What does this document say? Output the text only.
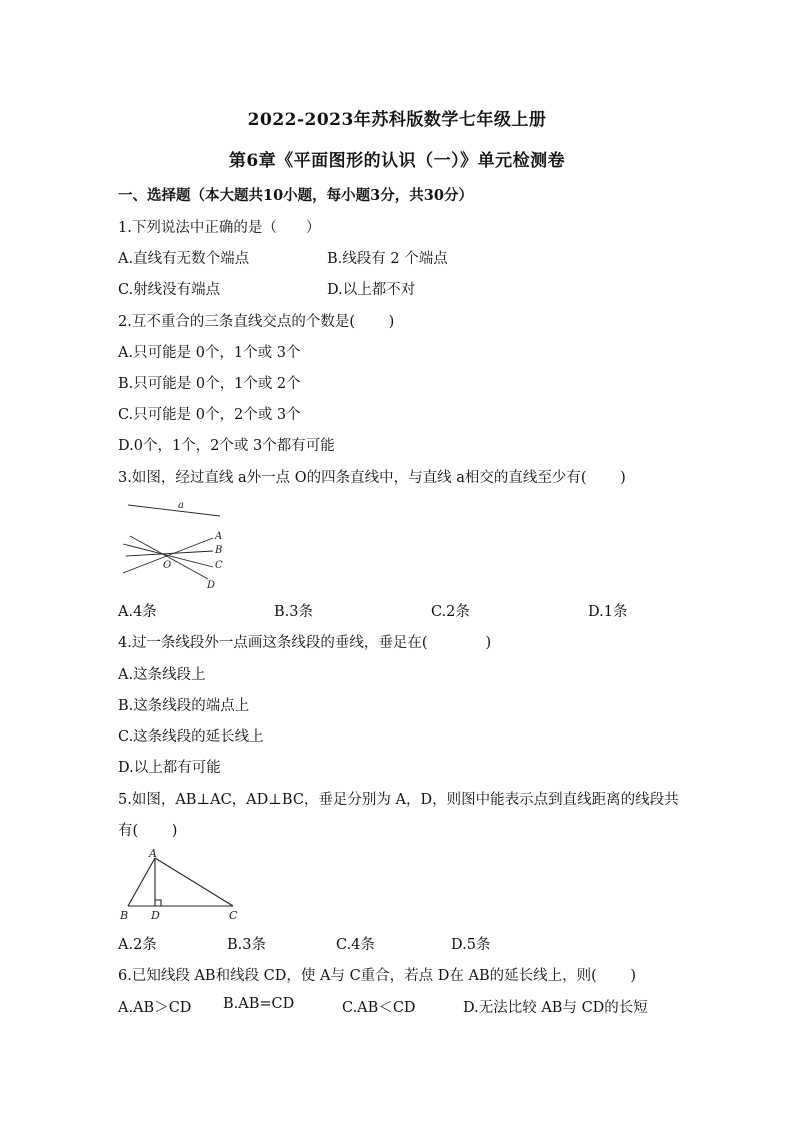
2022-2023年苏科版数学七年级上册
第6章《平面图形的认识（一）》单元检测卷
一、选择题（本大题共10小题，每小题3分，共30分）
1.下列说法中正确的是（　　）
A.直线有无数个端点	B.线段有 2 个端点
C.射线没有端点	D.以上都不对
2.互不重合的三条直线交点的个数是(　　 )
A.只可能是 0个，1个或 3个
B.只可能是 0个，1个或 2个
C.只可能是 0个，2个或 3个
D.0个，1个，2个或 3个都有可能
3.如图，经过直线 a外一点 O的四条直线中，与直线 a相交的直线至少有(　　 )
a
A
B
C
O
D
A.4条	B.3条	C.2条	D.1条
4.过一条线段外一点画这条线段的垂线，垂足在(　　　　)
A.这条线段上
B.这条线段的端点上
C.这条线段的延长线上
D.以上都有可能
5.如图，AB⊥AC，AD⊥BC，垂足分别为 A，D，则图中能表示点到直线距离的线段共
有(　　 )
A
B D	C
A.2条	B.3条	C.4条	D.5条
6.已知线段 AB和线段 CD，使 A与 C重合，若点 D在 AB的延长线上，则(　　 )
A.AB＞CD B.AB=CD	C.AB＜CD	D.无法比较 AB与 CD的长短
